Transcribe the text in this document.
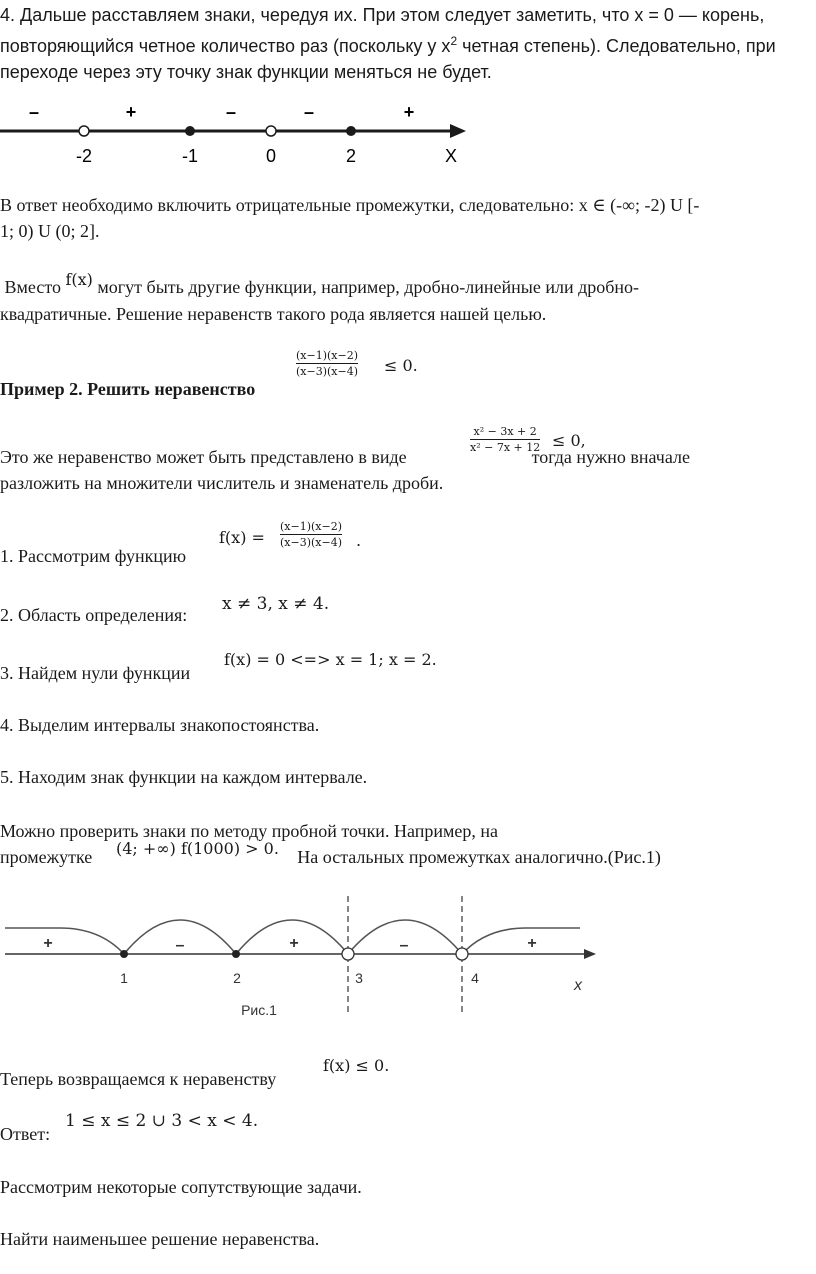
4. Дальше расставляем знаки, чередуя их. При этом следует заметить, что x = 0 — корень,
повторяющийся четное количество раз (поскольку у $x^2$ четная степень). Следовательно, при
переходе через эту точку знак функции меняться не будет.
–	+	–	–	+
-2	-1	0	2	X
В ответ необходимо включить отрицательные промежутки, следовательно: x ∈ (-∞; -2) U [-
1; 0) U (0; 2].
Вместо f(x) могут быть другие функции, например, дробно-линейные или дробно-
квадратичные. Решение неравенств такого рода является нашей целью.
Пример 2. Решить неравенство
(x−1)(x−2)
(x−3)(x−4) ≤ 0.
Это же неравенство может быть представлено в виде	тогда нужно вначале
разложить на множители числитель и знаменатель дроби.
x² − 3x + 2
x² − 7x + 12 ≤ 0,
1. Рассмотрим функцию
f(x) =
(x−1)(x−2)
(x−3)(x−4) .
2. Область определения:
x ≠ 3, x ≠ 4.
3. Найдем нули функции
f(x) = 0 <=> x = 1; x = 2.
4. Выделим интервалы знакопостоянства.
5. Находим знак функции на каждом интервале.
Можно проверить знаки по методу пробной точки. Например, на
промежутке	На остальных промежутках аналогично.(Рис.1)
(4; +∞) f(1000) > 0.
+	–	+	–	+
1	2	3	4	x
Рис.1
Теперь возвращаемся к неравенству
f(x) ≤ 0.
Ответ:
1 ≤ x ≤ 2 ∪ 3 < x < 4.
Рассмотрим некоторые сопутствующие задачи.
Найти наименьшее решение неравенства.
